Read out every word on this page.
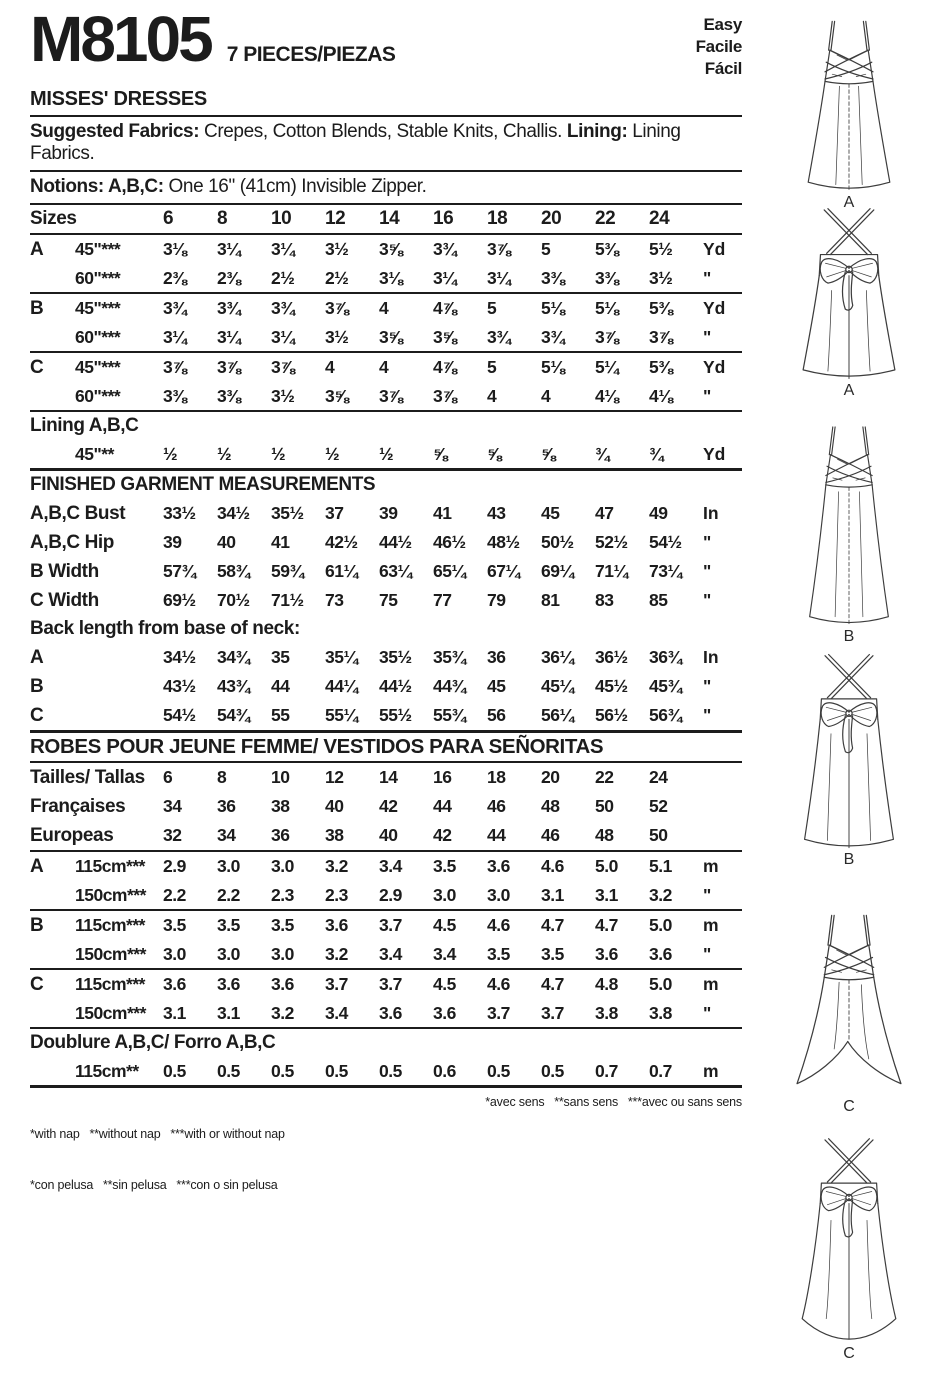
M8105 7 PIECES/PIEZAS
Easy
Facile
Fácil
MISSES' DRESSES
Suggested Fabrics: Crepes, Cotton Blends, Stable Knits, Challis. Lining: Lining Fabrics.
Notions: A,B,C: One 16" (41cm) Invisible Zipper.
Sizes	6	8	10	12	14	16	18	20	22	24
A	45"***	3⅛	3¼	3¼	3½	3⅝	3¾	3⅞	5	5⅜	5½	Yd
60"***	2⅜	2⅜	2½	2½	3⅛	3¼	3¼	3⅜	3⅜	3½	"
B	45"***	3¾	3¾	3¾	3⅞	4	4⅞	5	5⅛	5⅛	5⅜	Yd
60"***	3¼	3¼	3¼	3½	3⅝	3⅝	3¾	3¾	3⅞	3⅞	"
C	45"***	3⅞	3⅞	3⅞	4	4	4⅞	5	5⅛	5¼	5⅜	Yd
60"***	3⅜	3⅜	3½	3⅝	3⅞	3⅞	4	4	4⅛	4⅛	"
Lining A,B,C
45"**	½	½	½	½	½	⅝	⅝	⅝	¾	¾	Yd
FINISHED GARMENT MEASUREMENTS
A,B,C Bust	33½	34½	35½	37	39	41	43	45	47	49	In
A,B,C Hip	39	40	41	42½	44½	46½	48½	50½	52½	54½	"
B Width	57¾	58¾	59¾	61¼	63¼	65¼	67¼	69¼	71¼	73¼	"
C Width	69½	70½	71½	73	75	77	79	81	83	85	"
Back length from base of neck:
A	34½	34¾	35	35¼	35½	35¾	36	36¼	36½	36¾	In
B	43½	43¾	44	44¼	44½	44¾	45	45¼	45½	45¾	"
C	54½	54¾	55	55¼	55½	55¾	56	56¼	56½	56¾	"
ROBES POUR JEUNE FEMME/ VESTIDOS PARA SEÑORITAS
Tailles/ Tallas	6	8	10	12	14	16	18	20	22	24
Françaises	34	36	38	40	42	44	46	48	50	52
Europeas	32	34	36	38	40	42	44	46	48	50
A	115cm***	2.9	3.0	3.0	3.2	3.4	3.5	3.6	4.6	5.0	5.1	m
150cm*** 2.2	2.2	2.3	2.3	2.9	3.0	3.0	3.1	3.1	3.2	"
B	115cm***	3.5	3.5	3.5	3.6	3.7	4.5	4.6	4.7	4.7	5.0	m
150cm*** 3.0	3.0	3.0	3.2	3.4	3.4	3.5	3.5	3.6	3.6	"
C	115cm***	3.6	3.6	3.6	3.7	3.7	4.5	4.6	4.7	4.8	5.0	m
150cm*** 3.1	3.1	3.2	3.4	3.6	3.6	3.7	3.7	3.8	3.8	"
Doublure A,B,C/ Forro A,B,C
115cm**	0.5	0.5	0.5	0.5	0.5	0.6	0.5	0.5	0.7	0.7	m

*with nap   **without nap   ***with or without nap

*con pelusa   **sin pelusa   ***con o sin pelusa

*avec sens   **sans sens   ***avec ou sans sens
A
A
B
B
C
C
